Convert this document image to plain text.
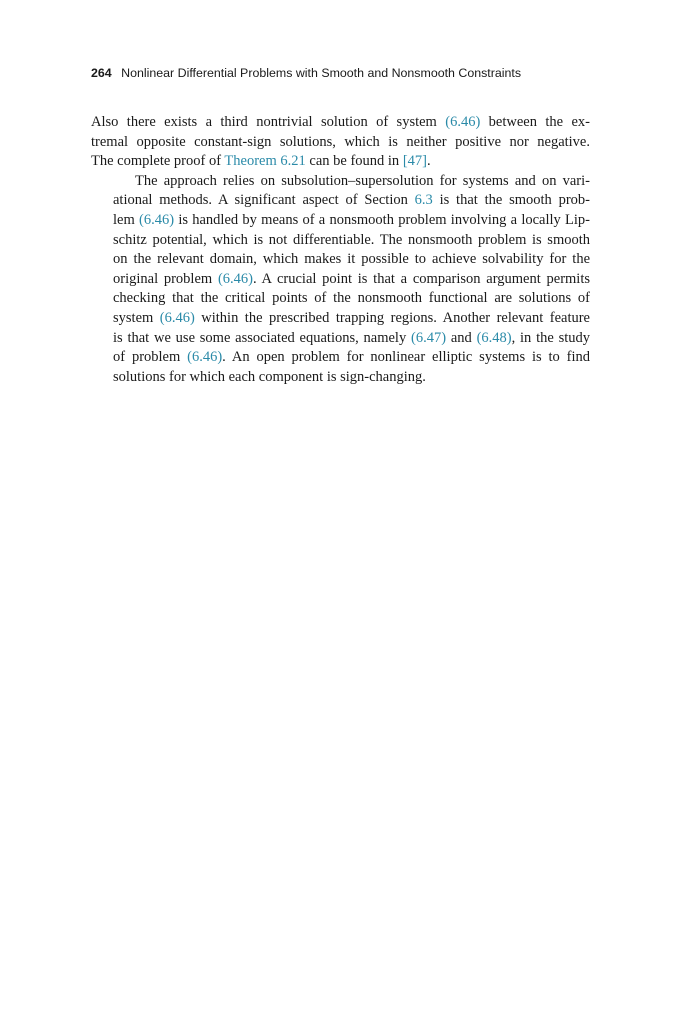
264 Nonlinear Differential Problems with Smooth and Nonsmooth Constraints
Also there exists a third nontrivial solution of system (6.46) between the ex-
tremal opposite constant-sign solutions, which is neither positive nor negative.
The complete proof of Theorem 6.21 can be found in [47].
The approach relies on subsolution–supersolution for systems and on vari-
ational methods. A significant aspect of Section 6.3 is that the smooth prob-
lem (6.46) is handled by means of a nonsmooth problem involving a locally Lip-
schitz potential, which is not differentiable. The nonsmooth problem is smooth
on the relevant domain, which makes it possible to achieve solvability for the
original problem (6.46). A crucial point is that a comparison argument permits
checking that the critical points of the nonsmooth functional are solutions of
system (6.46) within the prescribed trapping regions. Another relevant feature
is that we use some associated equations, namely (6.47) and (6.48), in the study
of problem (6.46). An open problem for nonlinear elliptic systems is to find
solutions for which each component is sign-changing.
